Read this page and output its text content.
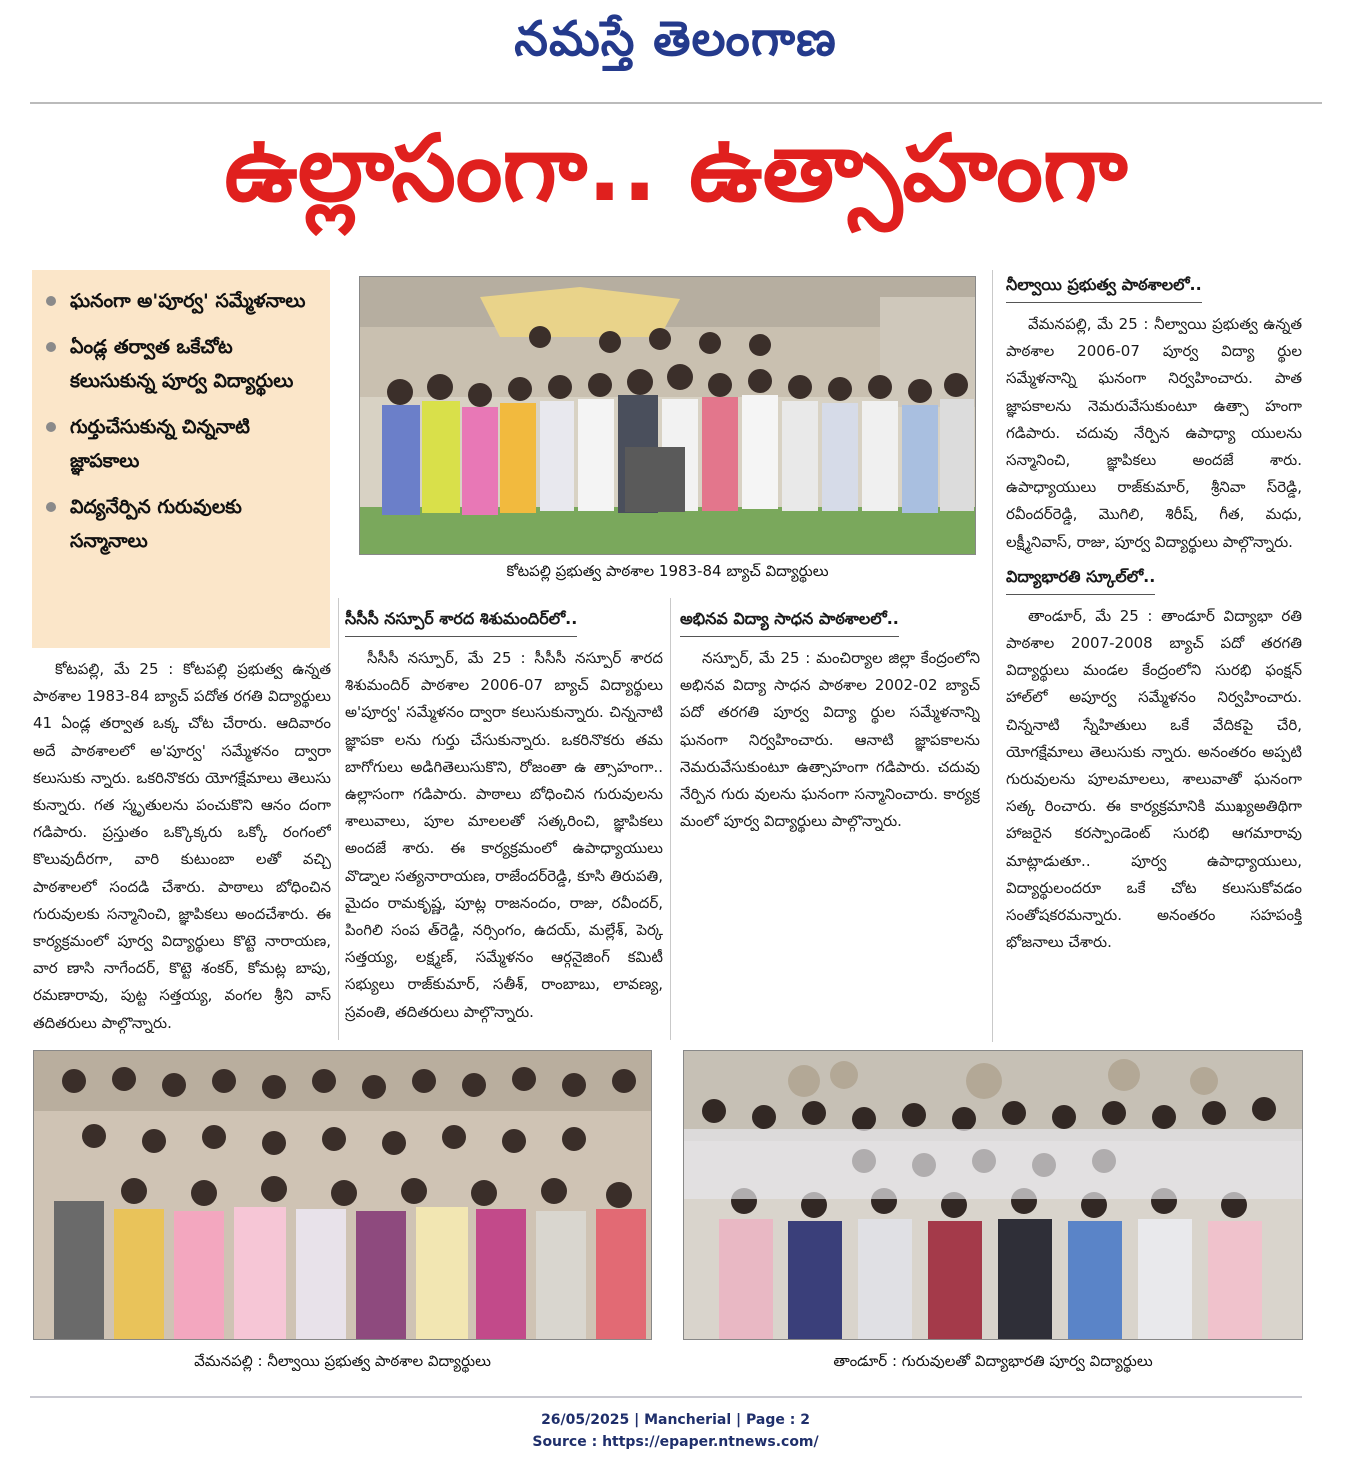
నమస్తే తెలంగాణ
ఉల్లాసంగా.. ఉత్సాహంగా
ఘనంగా అ'పూర్వ' సమ్మేళనాలు
ఏండ్ల తర్వాత ఒకేచోట కలుసుకున్న పూర్వ విద్యార్థులు
గుర్తుచేసుకున్న చిన్ననాటి జ్ఞాపకాలు
విద్యనేర్పిన గురువులకు సన్మానాలు
కోటపల్లి ప్రభుత్వ పాఠశాల 1983-84 బ్యాచ్ విద్యార్థులు

కోటపల్లి, మే 25 : కోటపల్లి ప్రభుత్వ ఉన్నత పాఠశాల 1983-84 బ్యాచ్ పదోత రగతి విద్యార్థులు 41 ఏండ్ల తర్వాత ఒక్క చోట చేరారు. ఆదివారం అదే పాఠశాలలో అ'పూర్వ' సమ్మేళనం ద్వారా కలుసుకు న్నారు. ఒకరినొకరు యోగక్షేమాలు తెలుసు కున్నారు. గత స్మృతులను పంచుకొని ఆనం దంగా గడిపారు. ప్రస్తుతం ఒక్కొక్కరు ఒక్కో రంగంలో కొలువుదీరగా, వారి కుటుంబా లతో వచ్చి పాఠశాలలో సందడి చేశారు. పాఠాలు బోధించిన గురువులకు సన్మానించి, జ్ఞాపికలు అందచేశారు. ఈ కార్యక్రమంలో పూర్వ విద్యార్థులు కొట్టె నారాయణ, వార ణాసి నాగేందర్, కొట్టె శంకర్, కోమట్ల బాపు, రమణారావు, పుట్ట సత్తయ్య, వంగల శ్రీని వాస్ తదితరులు పాల్గొన్నారు.

సీసీసీ నస్పూర్ శారద శిశుమందిర్‌లో..

సీసీసీ నస్పూర్, మే 25 : సీసీసీ నస్పూర్ శారద శిశుమందిర్ పాఠశాల 2006-07 బ్యాచ్ విద్యార్థులు అ'పూర్వ' సమ్మేళనం ద్వారా కలుసుకున్నారు. చిన్ననాటి జ్ఞాపకా లను గుర్తు చేసుకున్నారు. ఒకరినొకరు తమ బాగోగులు అడిగితెలుసుకొని, రోజంతా ఉ త్సాహంగా.. ఉల్లాసంగా గడిపారు. పాఠాలు బోధించిన గురువులను శాలువాలు, పూల మాలలతో సత్కరించి, జ్ఞాపికలు అందజే శారు. ఈ కార్యక్రమంలో ఉపాధ్యాయులు వొడ్నాల సత్యనారాయణ, రాజేందర్‌రెడ్డి, కూసి తిరుపతి, మైదం రామకృష్ణ, పూట్ల రాజనందం, రాజు, రవీందర్, పింగిలి సంప త్‌రెడ్డి, నర్సింగం, ఉదయ్, మల్లేశ్, పెర్క సత్తయ్య, లక్ష్మణ్, సమ్మేళనం ఆర్గనైజింగ్ కమిటీ సభ్యులు రాజ్‌కుమార్, సతీశ్, రాంబాబు, లావణ్య, స్రవంతి, తదితరులు పాల్గొన్నారు.

అభినవ విద్యా సాధన పాఠశాలలో..

నస్పూర్, మే 25 : మంచిర్యాల జిల్లా కేంద్రంలోని అభినవ విద్యా సాధన పాఠశాల 2002-02 బ్యాచ్ పదో తరగతి పూర్వ విద్యా ర్థుల సమ్మేళనాన్ని ఘనంగా నిర్వహించారు. ఆనాటి జ్ఞాపకాలను నెమరువేసుకుంటూ ఉత్సాహంగా గడిపారు. చదువు నేర్పిన గురు వులను ఘనంగా సన్మానించారు. కార్యక్ర మంలో పూర్వ విద్యార్థులు పాల్గొన్నారు.

నీల్వాయి ప్రభుత్వ పాఠశాలలో..

వేమనపల్లి, మే 25 : నీల్వాయి ప్రభుత్వ ఉన్నత పాఠశాల 2006-07 పూర్వ విద్యా ర్థుల సమ్మేళనాన్ని ఘనంగా నిర్వహించారు. పాత జ్ఞాపకాలను నెమరువేసుకుంటూ ఉత్సా హంగా గడిపారు. చదువు నేర్పిన ఉపాధ్యా యులను సన్మానించి, జ్ఞాపికలు అందజే శారు. ఉపాధ్యాయులు రాజ్‌కుమార్, శ్రీనివా స్‌రెడ్డి, రవీందర్‌రెడ్డి, మొగిలి, శిరీష్, గీత, మధు, లక్ష్మీనివాస్, రాజు, పూర్వ విద్యార్థులు పాల్గొన్నారు.

విద్యాభారతి స్కూల్‌లో..

తాండూర్, మే 25 : తాండూర్ విద్యాభా రతి పాఠశాల 2007-2008 బ్యాచ్ పదో తరగతి విద్యార్థులు మండల కేంద్రంలోని సురభి ఫంక్షన్ హాల్‌లో అపూర్వ సమ్మేళనం నిర్వహించారు. చిన్ననాటి స్నేహితులు ఒకే వేదికపై చేరి, యోగక్షేమాలు తెలుసుకు న్నారు. అనంతరం అప్పటి గురువులను పూలమాలలు, శాలువాతో ఘనంగా సత్క రించారు. ఈ కార్యక్రమానికి ముఖ్యఅతిథిగా హాజరైన కరస్పాండెంట్ సురభి ఆగమారావు మాట్లాడుతూ.. పూర్వ ఉపాధ్యాయులు, విద్యార్థులందరూ ఒకే చోట కలుసుకోవడం సంతోషకరమన్నారు. అనంతరం సహపంక్తి భోజనాలు చేశారు.

వేమనపల్లి : నీల్వాయి ప్రభుత్వ పాఠశాల విద్యార్థులు	తాండూర్ : గురువులతో విద్యాభారతి పూర్వ విద్యార్థులు
26/05/2025 | Mancherial | Page : 2
Source : https://epaper.ntnews.com/
